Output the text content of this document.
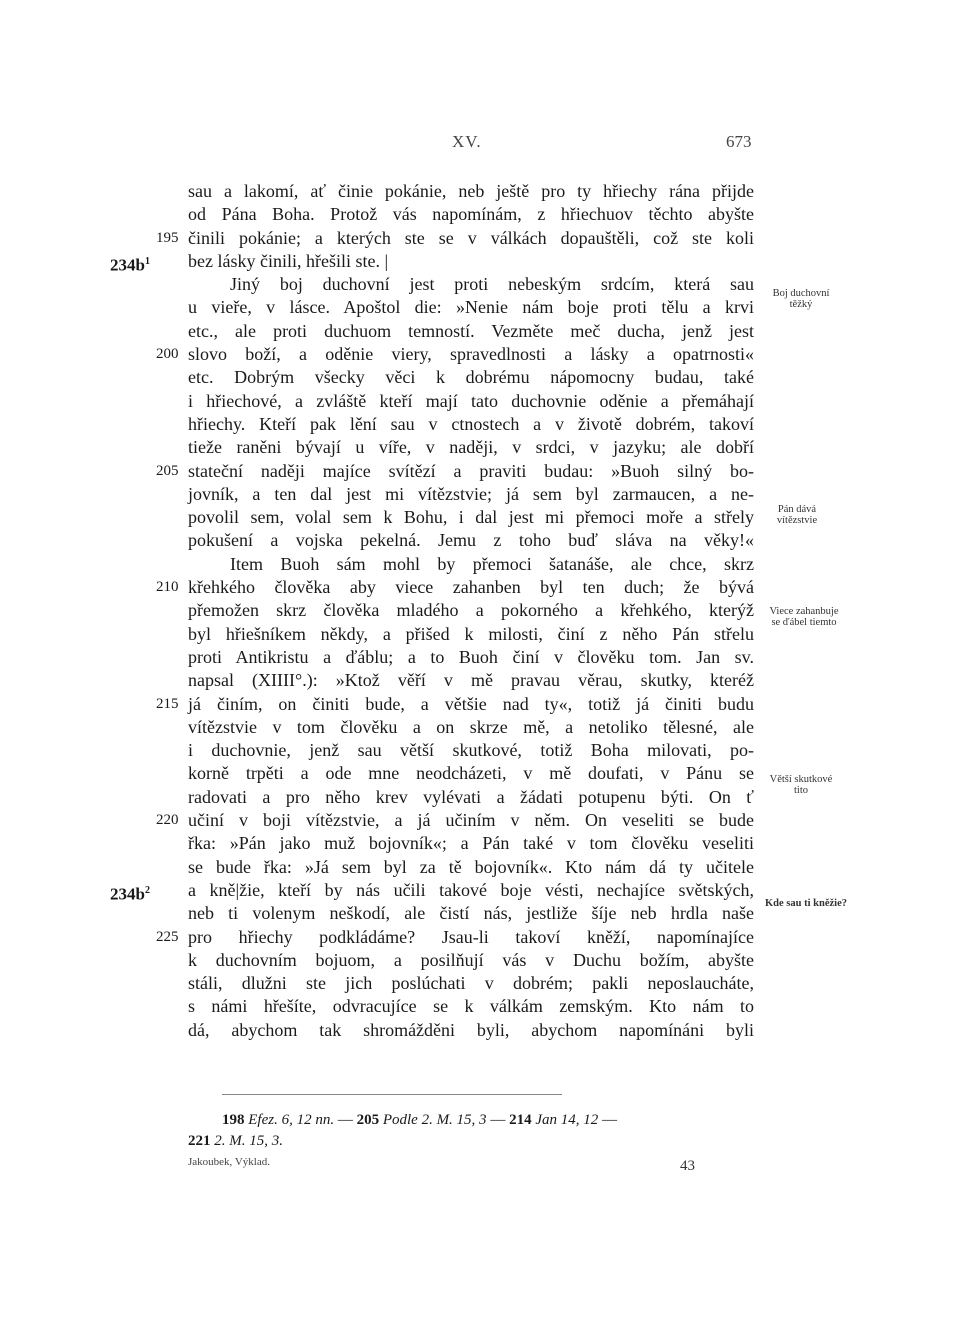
XV.	673
sau a lakomí, ať činie pokánie, neb ještě pro ty hřiechy rána přijde
od Pána Boha. Protož vás napomínám, z hřiechuov těchto abyšte
195 činili pokánie; a kterých ste se v válkách dopauštěli, což ste koli
$234b^1$ bez lásky činili, hřešili ste. |
Jiný boj duchovní jest proti nebeským srdcím, která sau
u vieře, v lásce. Apoštol die: »Nenie nám boje proti tělu a krvi
etc., ale proti duchuom temností. Vezměte meč ducha, jenž jest
200 slovo boží, a oděnie viery, spravedlnosti a lásky a opatrnosti«
etc. Dobrým všecky věci k dobrému nápomocny budau, také
i hřiechové, a zvláště kteří mají tato duchovnie oděnie a přemáhají
hřiechy. Kteří pak lění sau v ctnostech a v životě dobrém, takoví
tieže raněni bývají u víře, v naději, v srdci, v jazyku; ale dobří
205 stateční naději majíce svítězí a praviti budau: »Buoh silný bo-
jovník, a ten dal jest mi vítězstvie; já sem byl zarmaucen, a ne-
povolil sem, volal sem k Bohu, i dal jest mi přemoci moře a střely
pokušení a vojska pekelná. Jemu z toho buď sláva na věky!«
Item Buoh sám mohl by přemoci šatanáše, ale chce, skrz
210 křehkého člověka aby viece zahanben byl ten duch; že bývá
přemožen skrz člověka mladého a pokorného a křehkého, kterýž
byl hřiešníkem někdy, a přišed k milosti, činí z něho Pán střelu
proti Antikristu a ďáblu; a to Buoh činí v člověku tom. Jan sv.
napsal (XIIII°.): »Ktož věří v mě pravau věrau, skutky, kteréž
215 já činím, on činiti bude, a většie nad ty«, totiž já činiti budu
vítězstvie v tom člověku a on skrze mě, a netoliko tělesné, ale
i duchovnie, jenž sau větší skutkové, totiž Boha milovati, po-
korně trpěti a ode mne neodcházeti, v mě doufati, v Pánu se
radovati a pro něho krev vylévati a žádati potupenu býti. On ť
220 učiní v boji vítězstvie, a já učiním v něm. On veseliti se bude
řka: »Pán jako muž bojovník«; a Pán také v tom člověku veseliti
se bude řka: »Já sem byl za tě bojovník«. Kto nám dá ty učitele
$234b^2$ a kně|žie, kteří by nás učili takové boje vésti, nechajíce světských,
neb ti volenym neškodí, ale čistí nás, jestliže šíje neb hrdla naše
225 pro hřiechy podkládáme? Jsau-li takoví kněží, napomínajíce
k duchovním bojuom, a posilňují vás v Duchu božím, abyšte
stáli, dlužni ste jich poslúchati v dobrém; pakli neposlaucháte,
s námi hřešíte, odvracujíce se k válkám zemským. Kto nám to
dá, abychom tak shromážděni byli, abychom napomínáni byli
Boj duchovní
těžký
Pán dává
vítězstvie
Viece zahanbuje
se ďábel tiemto
Větší skutkové
tito
Kde sau ti kněžie?
198 Efez. 6, 12 nn. — 205 Podle 2. M. 15, 3 — 214 Jan 14, 12 —
221 2. M. 15, 3.
Jakoubek, Výklad.	43
